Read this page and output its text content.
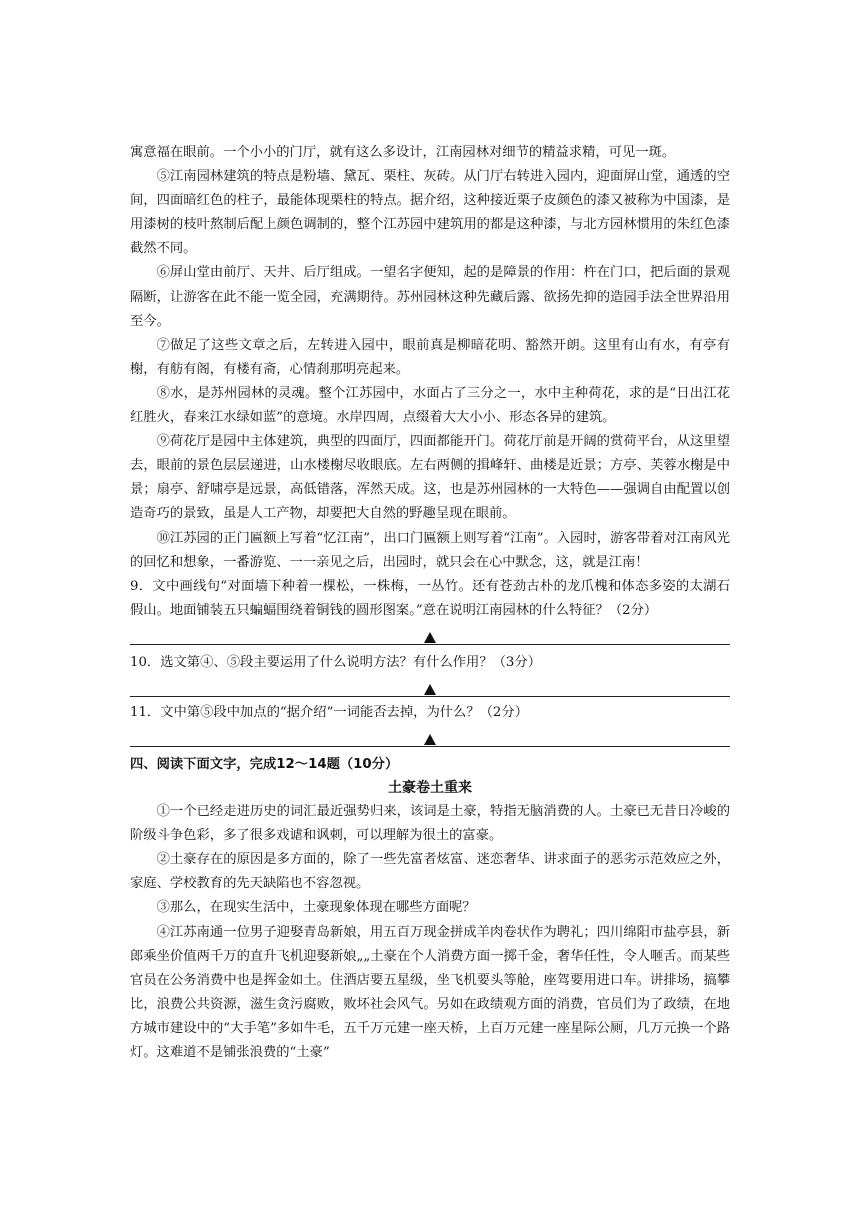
寓意福在眼前。一个小小的门厅，就有这么多设计，江南园林对细节的精益求精，可见一斑。

⑤江南园林建筑的特点是粉墙、黛瓦、栗柱、灰砖。从门厅右转进入园内，迎面屏山堂，通透的空间，四面暗红色的柱子，最能体现栗柱的特点。据介绍，这种接近栗子皮颜色的漆又被称为中国漆，是用漆树的枝叶熬制后配上颜色调制的，整个江苏园中建筑用的都是这种漆，与北方园林惯用的朱红色漆截然不同。

⑥屏山堂由前厅、天井、后厅组成。一望名字便知，起的是障景的作用：杵在门口，把后面的景观隔断，让游客在此不能一览全园，充满期待。苏州园林这种先藏后露、欲扬先抑的造园手法全世界沿用至今。

⑦做足了这些文章之后，左转进入园中，眼前真是柳暗花明、豁然开朗。这里有山有水，有亭有榭，有舫有阁，有楼有斋，心情刹那明亮起来。

⑧水，是苏州园林的灵魂。整个江苏园中，水面占了三分之一，水中主种荷花，求的是“日出江花红胜火，春来江水绿如蓝”的意境。水岸四周，点缀着大大小小、形态各异的建筑。

⑨荷花厅是园中主体建筑，典型的四面厅，四面都能开门。荷花厅前是开阔的赏荷平台，从这里望去，眼前的景色层层递进，山水楼榭尽收眼底。左右两侧的揖峰轩、曲楼是近景；方亭、芙蓉水榭是中景；扇亭、舒啸亭是远景，高低错落，浑然天成。这，也是苏州园林的一大特色——强调自由配置以创造奇巧的景致，虽是人工产物，却要把大自然的野趣呈现在眼前。

⑩江苏园的正门匾额上写着“忆江南”，出口门匾额上则写着“江南”。入园时，游客带着对江南风光的回忆和想象，一番游览、一一亲见之后，出园时，就只会在心中默念，这，就是江南！

9．文中画线句“对面墙下种着一棵松，一株梅，一丛竹。还有苍劲古朴的龙爪槐和体态多姿的太湖石假山。地面铺装五只蝙蝠围绕着铜钱的圆形图案。”意在说明江南园林的什么特征？（2分）

10．选文第④、⑤段主要运用了什么说明方法？有什么作用？（3分）

11．文中第⑤段中加点的“据介绍”一词能否去掉，为什么？（2分）

四、阅读下面文字，完成12～14题（10分）

土豪卷土重来

①一个已经走进历史的词汇最近强势归来，该词是土豪，特指无脑消费的人。土豪已无昔日冷峻的阶级斗争色彩，多了很多戏谑和讽刺，可以理解为很土的富豪。

②土豪存在的原因是多方面的，除了一些先富者炫富、迷恋奢华、讲求面子的恶劣示范效应之外，家庭、学校教育的先天缺陷也不容忽视。

③那么，在现实生活中，土豪现象体现在哪些方面呢？

④江苏南通一位男子迎娶青岛新娘，用五百万现金拼成羊肉卷状作为聘礼；四川绵阳市盐亭县，新郎乘坐价值两千万的直升飞机迎娶新娘„„土豪在个人消费方面一掷千金，奢华任性，令人咂舌。而某些官员在公务消费中也是挥金如土。住酒店要五星级，坐飞机要头等舱，座驾要用进口车。讲排场，搞攀比，浪费公共资源，滋生贪污腐败，败坏社会风气。另如在政绩观方面的消费，官员们为了政绩，在地方城市建设中的“大手笔”多如牛毛，五千万元建一座天桥，上百万元建一座星际公厕，几万元换一个路灯。这难道不是铺张浪费的“土豪”
